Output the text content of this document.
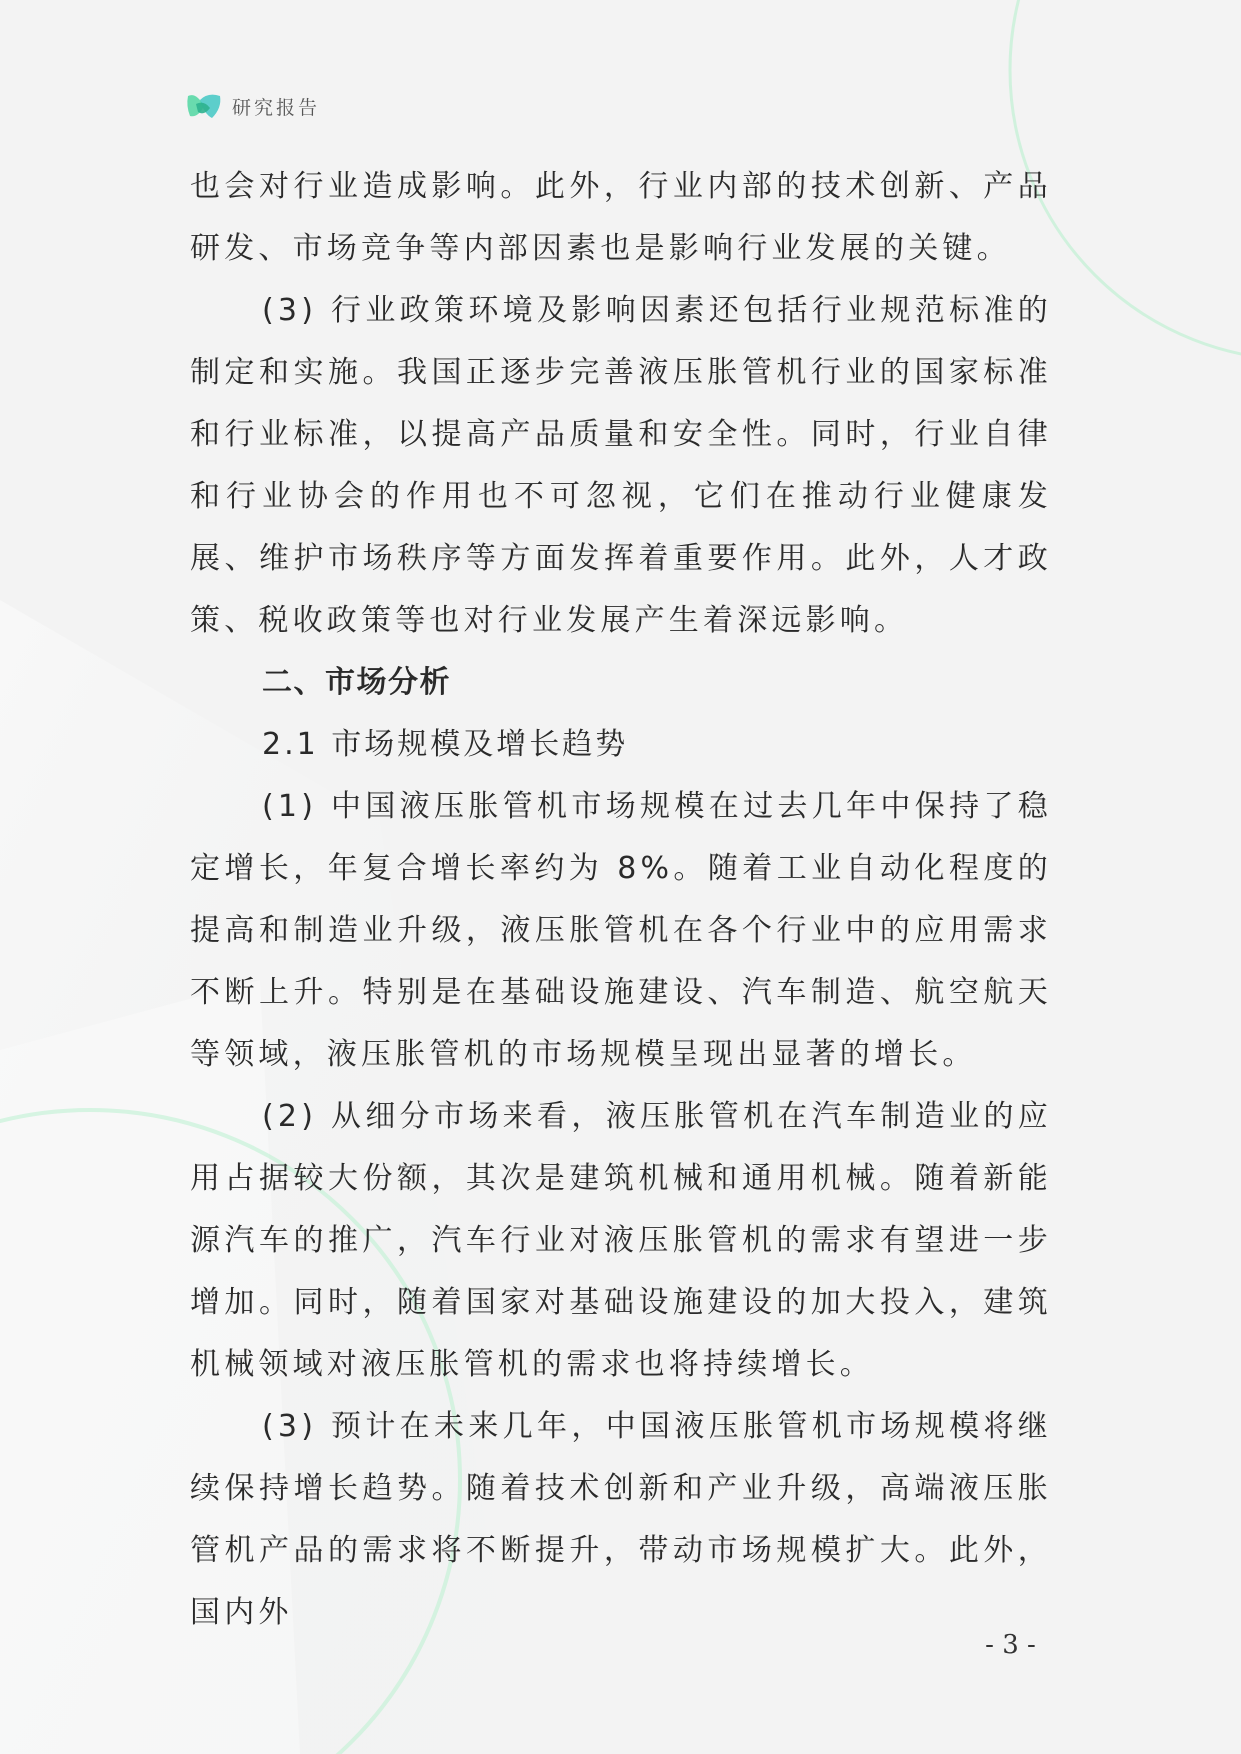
研究报告

也会对行业造成影响。此外，行业内部的技术创新、产品研发、市场竞争等内部因素也是影响行业发展的关键。

(3) 行业政策环境及影响因素还包括行业规范标准的制定和实施。我国正逐步完善液压胀管机行业的国家标准和行业标准，以提高产品质量和安全性。同时，行业自律和行业协会的作用也不可忽视，它们在推动行业健康发展、维护市场秩序等方面发挥着重要作用。此外，人才政策、税收政策等也对行业发展产生着深远影响。

二、市场分析

2.1 市场规模及增长趋势

(1) 中国液压胀管机市场规模在过去几年中保持了稳定增长，年复合增长率约为 8%。随着工业自动化程度的提高和制造业升级，液压胀管机在各个行业中的应用需求不断上升。特别是在基础设施建设、汽车制造、航空航天等领域，液压胀管机的市场规模呈现出显著的增长。

(2) 从细分市场来看，液压胀管机在汽车制造业的应用占据较大份额，其次是建筑机械和通用机械。随着新能源汽车的推广，汽车行业对液压胀管机的需求有望进一步增加。同时，随着国家对基础设施建设的加大投入，建筑机械领域对液压胀管机的需求也将持续增长。

(3) 预计在未来几年，中国液压胀管机市场规模将继续保持增长趋势。随着技术创新和产业升级，高端液压胀管机产品的需求将不断提升，带动市场规模扩大。此外，国内外

- 3 -
